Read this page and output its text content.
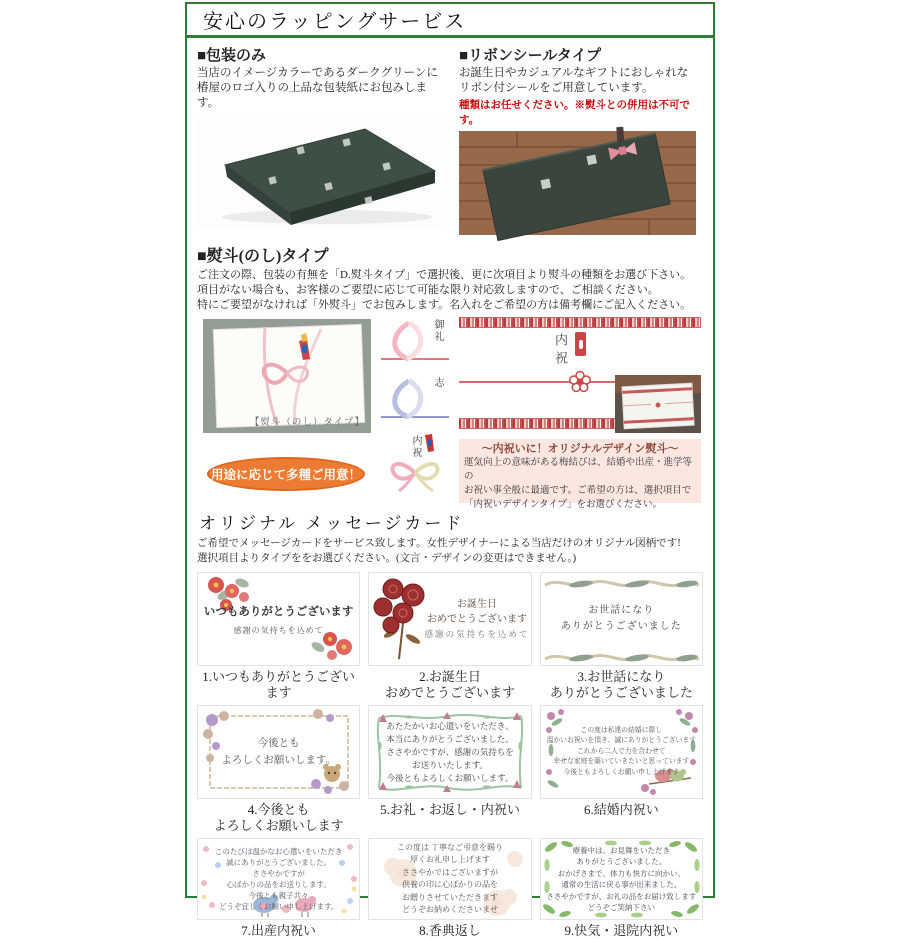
安心のラッピングサービス
■包装のみ
当店のイメージカラーであるダークグリーンに
椿屋のロゴ入りの上品な包装紙にお包みします。
■リボンシールタイプ
お誕生日やカジュアルなギフトにおしゃれな
リボン付シールをご用意しています。
種類はお任せください。※熨斗との併用は不可です。
■熨斗(のし)タイプ
ご注文の際、包装の有無を「D.熨斗タイプ」で選択後、更に次項目より熨斗の種類をお選び下さい。
項目がない場合も、お客様のご要望に応じて可能な限り対応致しますので、ご相談ください。
特にご要望がなければ「外熨斗」でお包みします。名入れをご希望の方は備考欄にご記入ください。
【熨斗（のし）タイプ】
用途に応じて多種ご用意！
御礼
志
内祝
内祝
～内祝いに！オリジナルデザイン熨斗～
運気向上の意味がある梅結びは、結婚や出産・進学等の
お祝い事全般に最適です。ご希望の方は、選択項目で
「内祝いデザインタイプ」をお選びください。
オリジナル メッセージカード
ご希望でメッセージカードをサービス致します。女性デザイナーによる当店だけのオリジナル図柄です!
選択項目よりタイプををお選びください。(文言・デザインの変更はできません。)
いつもありがとうございます
感謝の気持ちを込めて
1.いつもありがとうございます
お誕生日
おめでとうございます
感謝の気持ちを込めて
2.お誕生日
おめでとうございます
お世話になり
ありがとうございました
3.お世話になり
ありがとうございました
今後とも
よろしくお願いします。
4.今後とも
よろしくお願いします
あたたかいお心遣いをいただき、
本当にありがとうございました。
ささやかですが、感謝の気持ちを
お送りいたします。
今後ともよろしくお願いします。
5.お礼・お返し・内祝い
この度は私達の結婚に際し
温かいお祝いを頂き、誠にありがとうございます
これから二人で力を合わせて
幸せな家庭を築いていきたいと思っています
今後ともよろしくお願い申し上げます
6.結婚内祝い
このたびは温かなお心遣いをいただき
誠にありがとうございました。
ささやかですが
心ばかりの品をお送りします。
今後とも親子共々
どうぞ宜しくお願い申し上げます。
7.出産内祝い
この度は 丁寧なご弔意を賜り
厚くお礼申し上げます
ささやかではございますが
供養の印に心ばかりの品を
お贈りさせていただきます
どうぞお納めくださいませ
8.香典返し
療養中は、お見舞をいただき
ありがとうございました。
おかげさまで、体力も快方に向かい、
通常の生活に戻る事が出来ました。
ささやかですが、お礼の品をお届け致します
どうぞご笑納下さい
9.快気・退院内祝い
